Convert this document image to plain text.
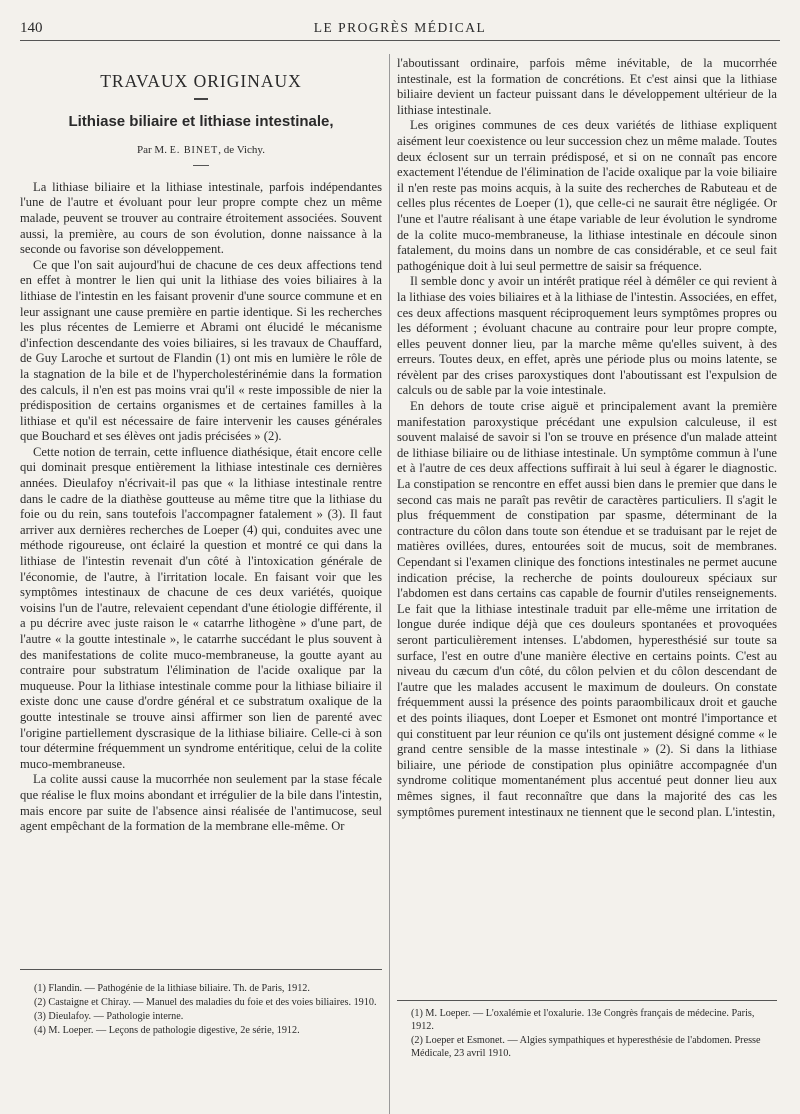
140	LE PROGRÈS MÉDICAL
TRAVAUX ORIGINAUX
Lithiase biliaire et lithiase intestinale,
Par M. E. BINET, de Vichy.

La lithiase biliaire et la lithiase intestinale, parfois indépendantes l'une de l'autre et évoluant pour leur propre compte chez un même malade, peuvent se trouver au contraire étroitement associées. Souvent aussi, la première, au cours de son évolution, donne naissance à la seconde ou favorise son développement.

Ce que l'on sait aujourd'hui de chacune de ces deux affections tend en effet à montrer le lien qui unit la lithiase des voies biliaires à la lithiase de l'intestin en les faisant provenir d'une source commune et en leur assignant une cause première en partie identique. Si les recherches les plus récentes de Lemierre et Abrami ont élucidé le mécanisme d'infection descendante des voies biliaires, si les travaux de Chauffard, de Guy Laroche et surtout de Flandin (1) ont mis en lumière le rôle de la stagnation de la bile et de l'hypercholestérinémie dans la formation des calculs, il n'en est pas moins vrai qu'il « reste impossible de nier la prédisposition de certains organismes et de certaines familles à la lithiase et qu'il est nécessaire de faire intervenir les causes générales que Bouchard et ses élèves ont jadis précisées » (2).

Cette notion de terrain, cette influence diathésique, était encore celle qui dominait presque entièrement la lithiase intestinale ces dernières années. Dieulafoy n'écrivait-il pas que « la lithiase intestinale rentre dans le cadre de la diathèse goutteuse au même titre que la lithiase du foie ou du rein, sans toutefois l'accompagner fatalement » (3). Il faut arriver aux dernières recherches de Loeper (4) qui, conduites avec une méthode rigoureuse, ont éclairé la question et montré ce qui dans la lithiase de l'intestin revenait d'un côté à l'intoxication générale de l'économie, de l'autre, à l'irritation locale. En faisant voir que les symptômes intestinaux de chacune de ces deux variétés, quoique voisins l'un de l'autre, relevaient cependant d'une étiologie différente, il a pu décrire avec juste raison le « catarrhe lithogène » d'une part, de l'autre « la goutte intestinale », le catarrhe succédant le plus souvent à des manifestations de colite muco-membraneuse, la goutte ayant au contraire pour substratum l'élimination de l'acide oxalique par la muqueuse. Pour la lithiase intestinale comme pour la lithiase biliaire il existe donc une cause d'ordre général et ce substratum oxalique de la goutte intestinale se trouve ainsi affirmer son lien de parenté avec l'origine partiellement dyscrasique de la lithiase biliaire. Celle-ci à son tour détermine fréquemment un syndrome entéritique, celui de la colite muco-membraneuse.

La colite aussi cause la mucorrhée non seulement par la stase fécale que réalise le flux moins abondant et irrégulier de la bile dans l'intestin, mais encore par suite de l'absence ainsi réalisée de l'antimucose, seul agent empêchant de la formation de la membrane elle-même. Or

l'aboutissant ordinaire, parfois même inévitable, de la mucorrhée intestinale, est la formation de concrétions. Et c'est ainsi que la lithiase biliaire devient un facteur puissant dans le développement ultérieur de la lithiase intestinale.

Les origines communes de ces deux variétés de lithiase expliquent aisément leur coexistence ou leur succession chez un même malade. Toutes deux éclosent sur un terrain prédisposé, et si on ne connaît pas encore exactement l'étendue de l'élimination de l'acide oxalique par la voie biliaire il n'en reste pas moins acquis, à la suite des recherches de Rabuteau et de celles plus récentes de Loeper (1), que celle-ci ne saurait être négligée. Or l'une et l'autre réalisant à une étape variable de leur évolution le syndrome de la colite muco-membraneuse, la lithiase intestinale en découle sinon fatalement, du moins dans un nombre de cas considérable, et ce seul fait pathogénique doit à lui seul permettre de saisir sa fréquence.

Il semble donc y avoir un intérêt pratique réel à démêler ce qui revient à la lithiase des voies biliaires et à la lithiase de l'intestin. Associées, en effet, ces deux affections masquent réciproquement leurs symptômes propres ou les déforment ; évoluant chacune au contraire pour leur propre compte, elles peuvent donner lieu, par la marche même qu'elles suivent, à des erreurs. Toutes deux, en effet, après une période plus ou moins latente, se révèlent par des crises paroxystiques dont l'aboutissant est l'expulsion de calculs ou de sable par la voie intestinale.

En dehors de toute crise aiguë et principalement avant la première manifestation paroxystique précédant une expulsion calculeuse, il est souvent malaisé de savoir si l'on se trouve en présence d'un malade atteint de lithiase biliaire ou de lithiase intestinale. Un symptôme commun à l'une et à l'autre de ces deux affections suffirait à lui seul à égarer le diagnostic. La constipation se rencontre en effet aussi bien dans le premier que dans le second cas mais ne paraît pas revêtir de caractères particuliers. Il s'agit le plus fréquemment de constipation par spasme, déterminant de la contracture du côlon dans toute son étendue et se traduisant par le rejet de matières ovillées, dures, entourées soit de mucus, soit de membranes. Cependant si l'examen clinique des fonctions intestinales ne permet aucune indication précise, la recherche de points douloureux spéciaux sur l'abdomen est dans certains cas capable de fournir d'utiles renseignements. Le fait que la lithiase intestinale traduit par elle-même une irritation de longue durée indique déjà que ces douleurs spontanées et provoquées seront particulièrement intenses. L'abdomen, hyperesthésié sur toute sa surface, l'est en outre d'une manière élective en certains points. C'est au niveau du cæcum d'un côté, du côlon pelvien et du côlon descendant de l'autre que les malades accusent le maximum de douleurs. On constate fréquemment aussi la présence des points paraombilicaux droit et gauche et des points iliaques, dont Loeper et Esmonet ont montré l'importance et qui constituent par leur réunion ce qu'ils ont justement désigné comme « le grand centre sensible de la masse intestinale » (2). Si dans la lithiase biliaire, une période de constipation plus opiniâtre accompagnée d'un syndrome colitique momentanément plus accentué peut donner lieu aux mêmes signes, il faut reconnaître que dans la majorité des cas les symptômes purement intestinaux ne tiennent que le second plan. L'intestin,

(1) Flandin. — Pathogénie de la lithiase biliaire. Th. de Paris, 1912.
(2) Castaigne et Chiray. — Manuel des maladies du foie et des voies biliaires. 1910.
(3) Dieulafoy. — Pathologie interne.
(4) M. Loeper. — Leçons de pathologie digestive, 2e série, 1912.
(1) M. Loeper. — L'oxalémie et l'oxalurie. 13e Congrès français de médecine. Paris, 1912.
(2) Loeper et Esmonet. — Algies sympathiques et hyperesthésie de l'abdomen. Presse Médicale, 23 avril 1910.
